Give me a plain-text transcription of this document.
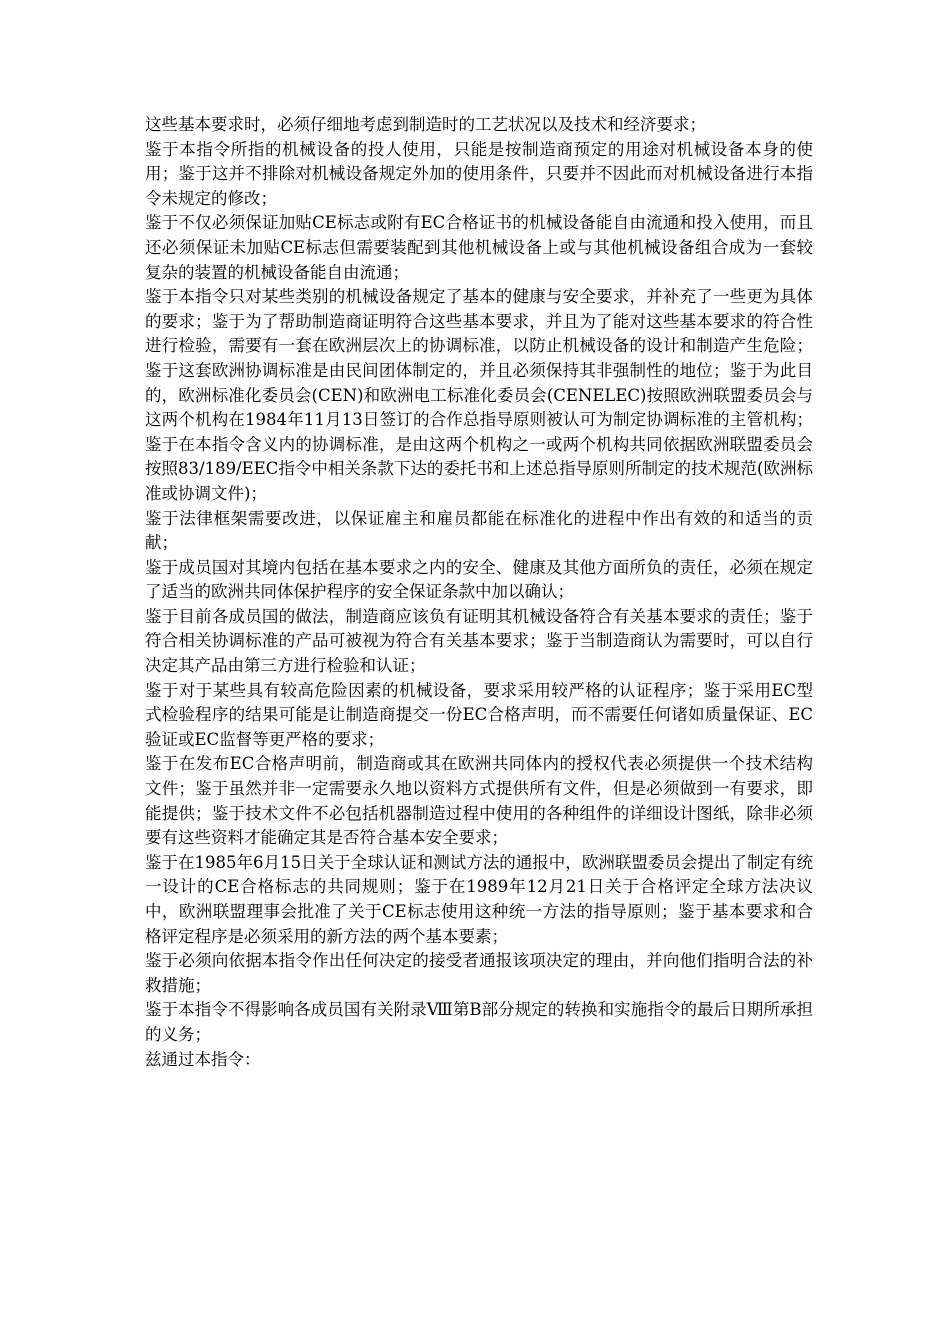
这些基本要求时，必须仔细地考虑到制造时的工艺状况以及技术和经济要求；

鉴于本指令所指的机械设备的投人使用，只能是按制造商预定的用途对机械设备本身的使用；鉴于这并不排除对机械设备规定外加的使用条件，只要并不因此而对机械设备进行本指令未规定的修改；

鉴于不仅必须保证加贴CE标志或附有EC合格证书的机械设备能自由流通和投入使用，而且还必须保证未加贴CE标志但需要装配到其他机械设备上或与其他机械设备组合成为一套较复杂的装置的机械设备能自由流通；

鉴于本指令只对某些类别的机械设备规定了基本的健康与安全要求，并补充了一些更为具体的要求；鉴于为了帮助制造商证明符合这些基本要求，并且为了能对这些基本要求的符合性进行检验，需要有一套在欧洲层次上的协调标准，以防止机械设备的设计和制造产生危险；鉴于这套欧洲协调标准是由民间团体制定的，并且必须保持其非强制性的地位；鉴于为此目的，欧洲标准化委员会(CEN)和欧洲电工标准化委员会(CENELEC)按照欧洲联盟委员会与这两个机构在1984年11月13日签订的合作总指导原则被认可为制定协调标准的主管机构；鉴于在本指令含义内的协调标准，是由这两个机构之一或两个机构共同依据欧洲联盟委员会按照83/189/EEC指令中相关条款下达的委托书和上述总指导原则所制定的技术规范(欧洲标准或协调文件)；

鉴于法律框架需要改进，以保证雇主和雇员都能在标准化的进程中作出有效的和适当的贡献；

鉴于成员国对其境内包括在基本要求之内的安全、健康及其他方面所负的责任，必须在规定了适当的欧洲共同体保护程序的安全保证条款中加以确认；

鉴于目前各成员国的做法，制造商应该负有证明其机械设备符合有关基本要求的责任；鉴于符合相关协调标准的产品可被视为符合有关基本要求；鉴于当制造商认为需要时，可以自行决定其产品由第三方进行检验和认证；

鉴于对于某些具有较高危险因素的机械设备，要求采用较严格的认证程序；鉴于采用EC型式检验程序的结果可能是让制造商提交一份EC合格声明，而不需要任何诸如质量保证、EC验证或EC监督等更严格的要求；

鉴于在发布EC合格声明前，制造商或其在欧洲共同体内的授权代表必须提供一个技术结构文件；鉴于虽然并非一定需要永久地以资料方式提供所有文件，但是必须做到一有要求，即能提供；鉴于技术文件不必包括机器制造过程中使用的各种组件的详细设计图纸，除非必须要有这些资料才能确定其是否符合基本安全要求；

鉴于在1985年6月15日关于全球认证和测试方法的通报中，欧洲联盟委员会提出了制定有统一设计的CE合格标志的共同规则；鉴于在1989年12月21日关于合格评定全球方法决议中，欧洲联盟理事会批准了关于CE标志使用这种统一方法的指导原则；鉴于基本要求和合格评定程序是必须采用的新方法的两个基本要素；

鉴于必须向依据本指令作出任何决定的接受者通报该项决定的理由，并向他们指明合法的补救措施；

鉴于本指令不得影响各成员国有关附录Ⅷ第B部分规定的转换和实施指令的最后日期所承担的义务；

兹通过本指令：
